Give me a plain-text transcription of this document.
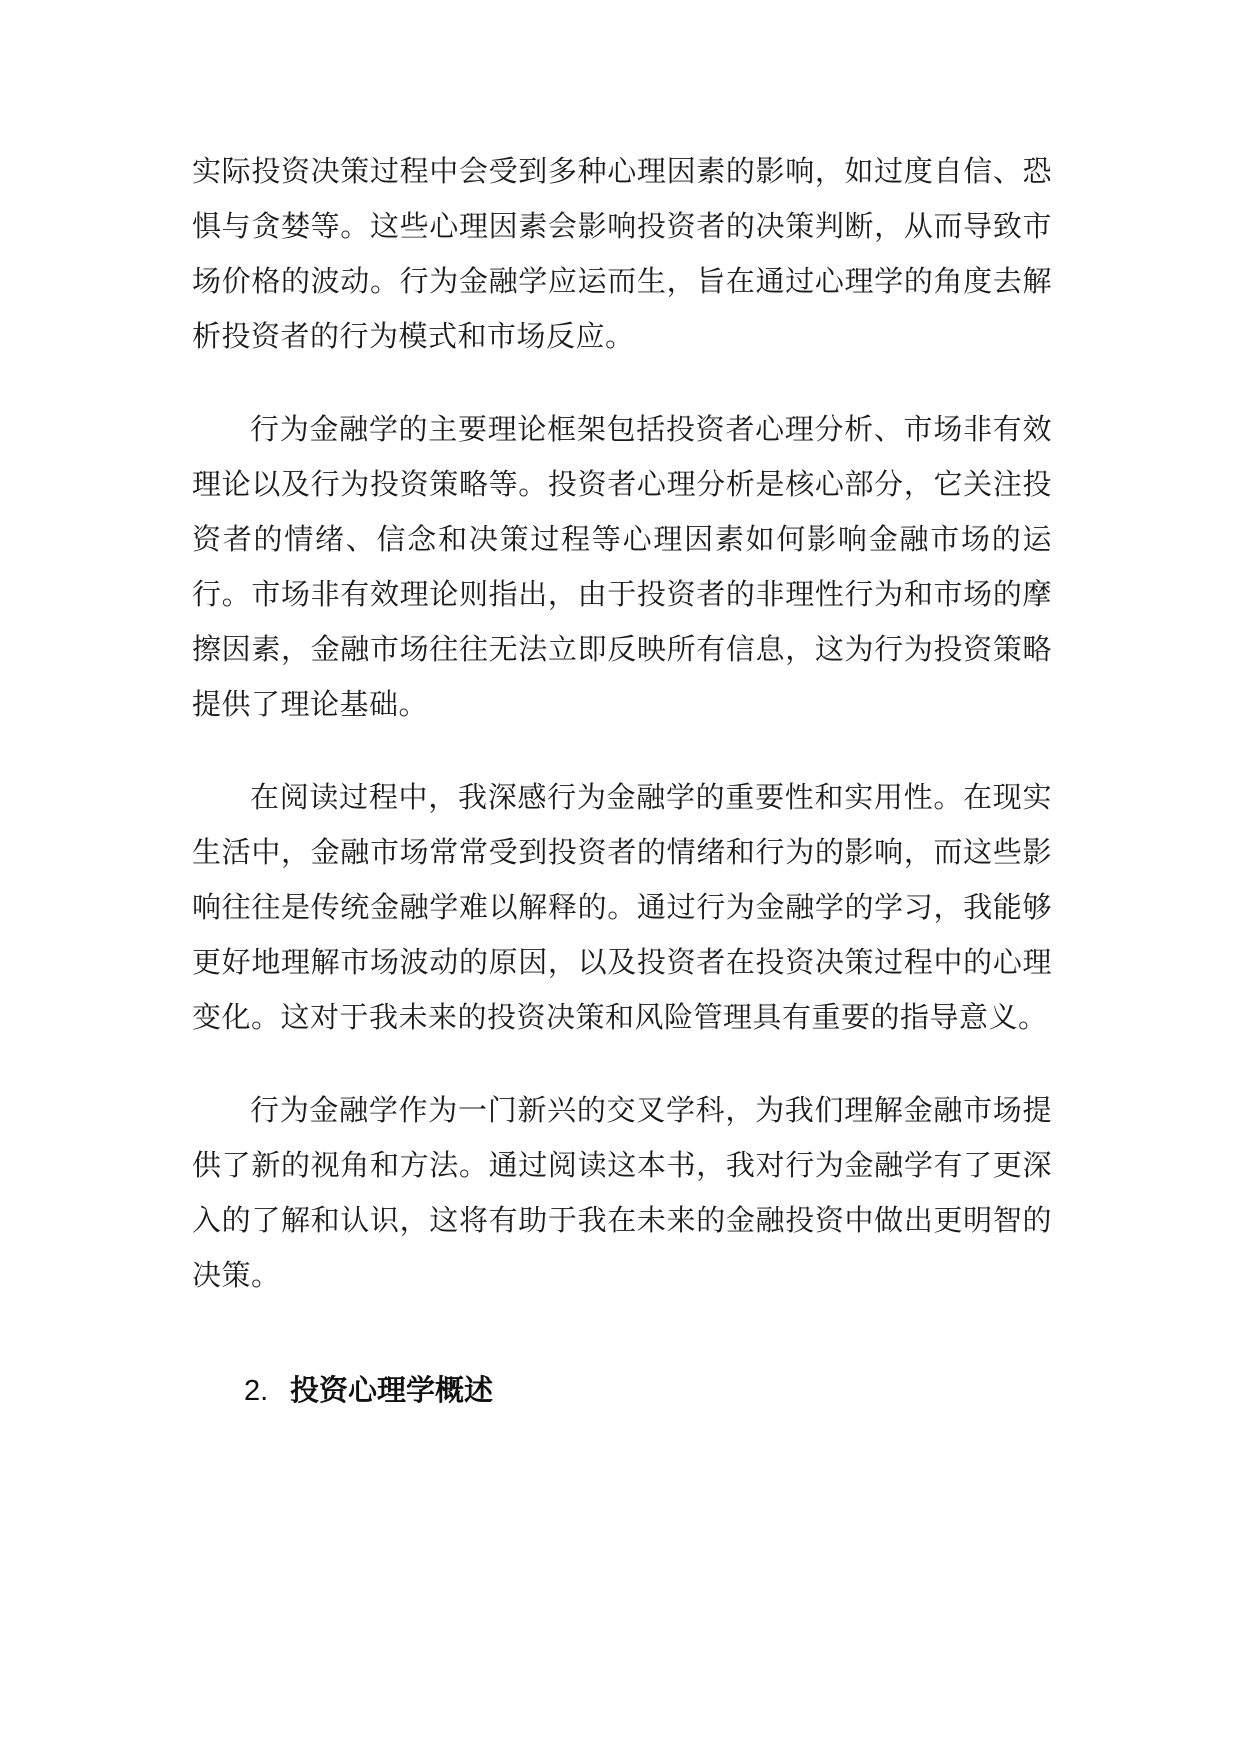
实际投资决策过程中会受到多种心理因素的影响，如过度自信、恐惧与贪婪等。这些心理因素会影响投资者的决策判断，从而导致市场价格的波动。行为金融学应运而生，旨在通过心理学的角度去解析投资者的行为模式和市场反应。

行为金融学的主要理论框架包括投资者心理分析、市场非有效理论以及行为投资策略等。投资者心理分析是核心部分，它关注投资者的情绪、信念和决策过程等心理因素如何影响金融市场的运行。市场非有效理论则指出，由于投资者的非理性行为和市场的摩擦因素，金融市场往往无法立即反映所有信息，这为行为投资策略提供了理论基础。

在阅读过程中，我深感行为金融学的重要性和实用性。在现实生活中，金融市场常常受到投资者的情绪和行为的影响，而这些影响往往是传统金融学难以解释的。通过行为金融学的学习，我能够更好地理解市场波动的原因，以及投资者在投资决策过程中的心理变化。这对于我未来的投资决策和风险管理具有重要的指导意义。

行为金融学作为一门新兴的交叉学科，为我们理解金融市场提供了新的视角和方法。通过阅读这本书，我对行为金融学有了更深入的了解和认识，这将有助于我在未来的金融投资中做出更明智的决策。

2. 投资心理学概述
